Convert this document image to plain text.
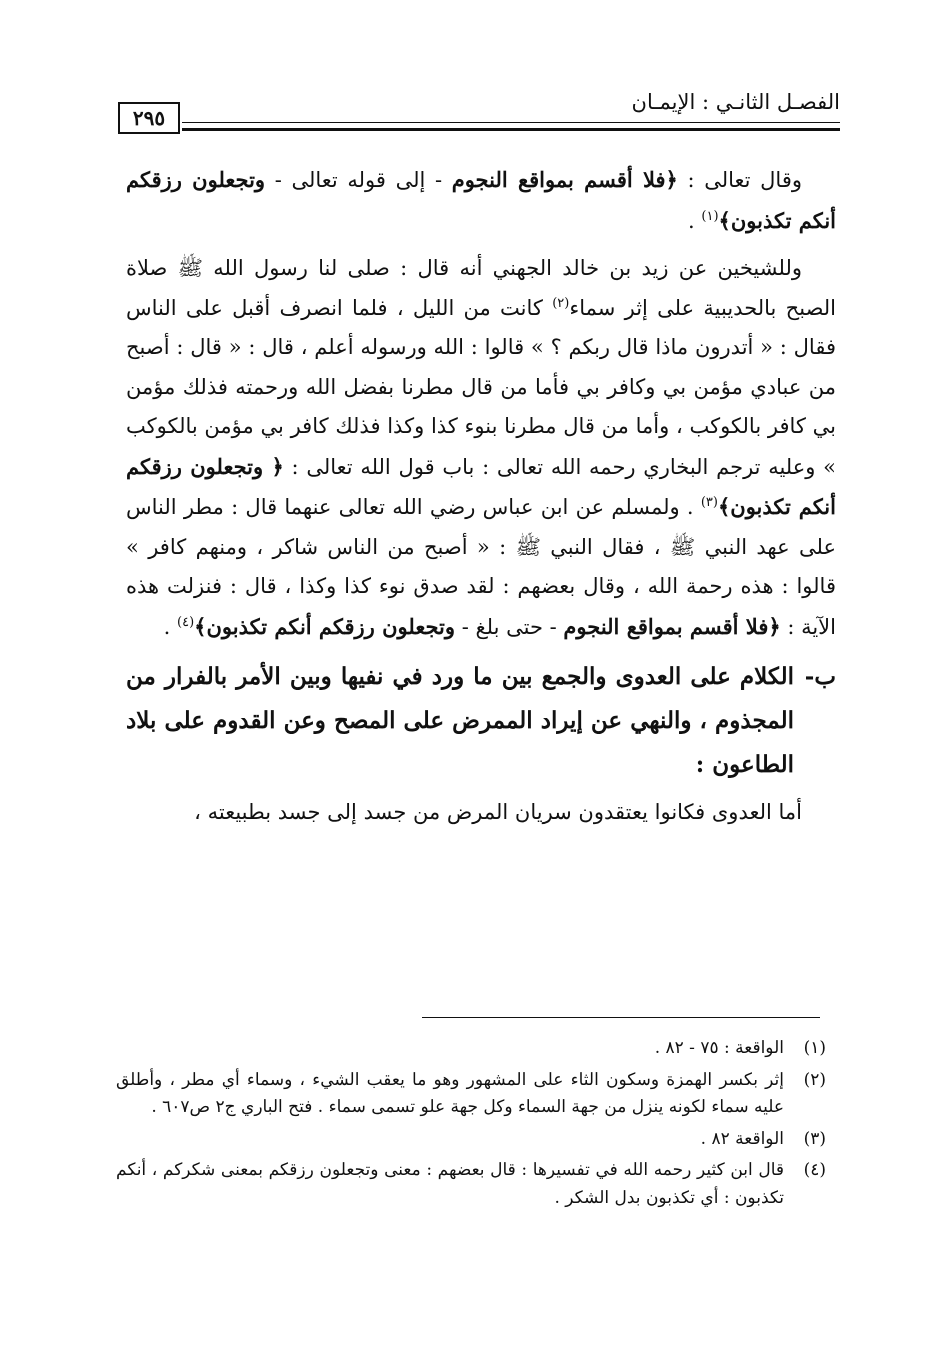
الفصـل الثانـي : الإيمـان
٢٩٥

وقال تعالى : ﴿فلا أقسم بمواقع النجوم - إلى قوله تعالى - وتجعلون رزقكم أنكم تكذبون﴾$^{(١)}$ .

وللشيخين عن زيد بن خالد الجهني أنه قال : صلى لنا رسول الله ﷺ صلاة الصبح بالحديبية على إثر سماء$^{(٢)}$ كانت من الليل ، فلما انصرف أقبل على الناس فقال : « أتدرون ماذا قال ربكم ؟ » قالوا : الله ورسوله أعلم ، قال : « قال : أصبح من عبادي مؤمن بي وكافر بي فأما من قال مطرنا بفضل الله ورحمته فذلك مؤمن بي كافر بالكوكب ، وأما من قال مطرنا بنوء كذا وكذا فذلك كافر بي مؤمن بالكوكب » وعليه ترجم البخاري رحمه الله تعالى : باب قول الله تعالى : ﴿ وتجعلون رزقكم أنكم تكذبون﴾$^{(٣)}$ . ولمسلم عن ابن عباس رضي الله تعالى عنهما قال : مطر الناس على عهد النبي ﷺ ، فقال النبي ﷺ : « أصبح من الناس شاكر ، ومنهم كافر » قالوا : هذه رحمة الله ، وقال بعضهم : لقد صدق نوء كذا وكذا ، قال : فنزلت هذه الآية : ﴿فلا أقسم بمواقع النجوم - حتى بلغ - وتجعلون رزقكم أنكم تكذبون﴾$^{(٤)}$ .

ب-
الكلام على العدوى والجمع بين ما ورد في نفيها وبين الأمر بالفرار من المجذوم ، والنهي عن إيراد الممرض على المصح وعن القدوم على بلاد الطاعون :

أما العدوى فكانوا يعتقدون سريان المرض من جسد إلى جسد بطبيعته ،

(١)
الواقعة : ٧٥ - ٨٢ .
(٢)
إثر بكسر الهمزة وسكون الثاء على المشهور وهو ما يعقب الشيء ، وسماء أي مطر ، وأطلق عليه سماء لكونه ينزل من جهة السماء وكل جهة علو تسمى سماء . فتح الباري ج٢ ص٦٠٧ .
(٣)
الواقعة ٨٢ .
(٤)
قال ابن كثير رحمه الله في تفسيرها : قال بعضهم : معنى وتجعلون رزقكم بمعنى شكركم ، أنكم تكذبون : أي تكذبون بدل الشكر .
